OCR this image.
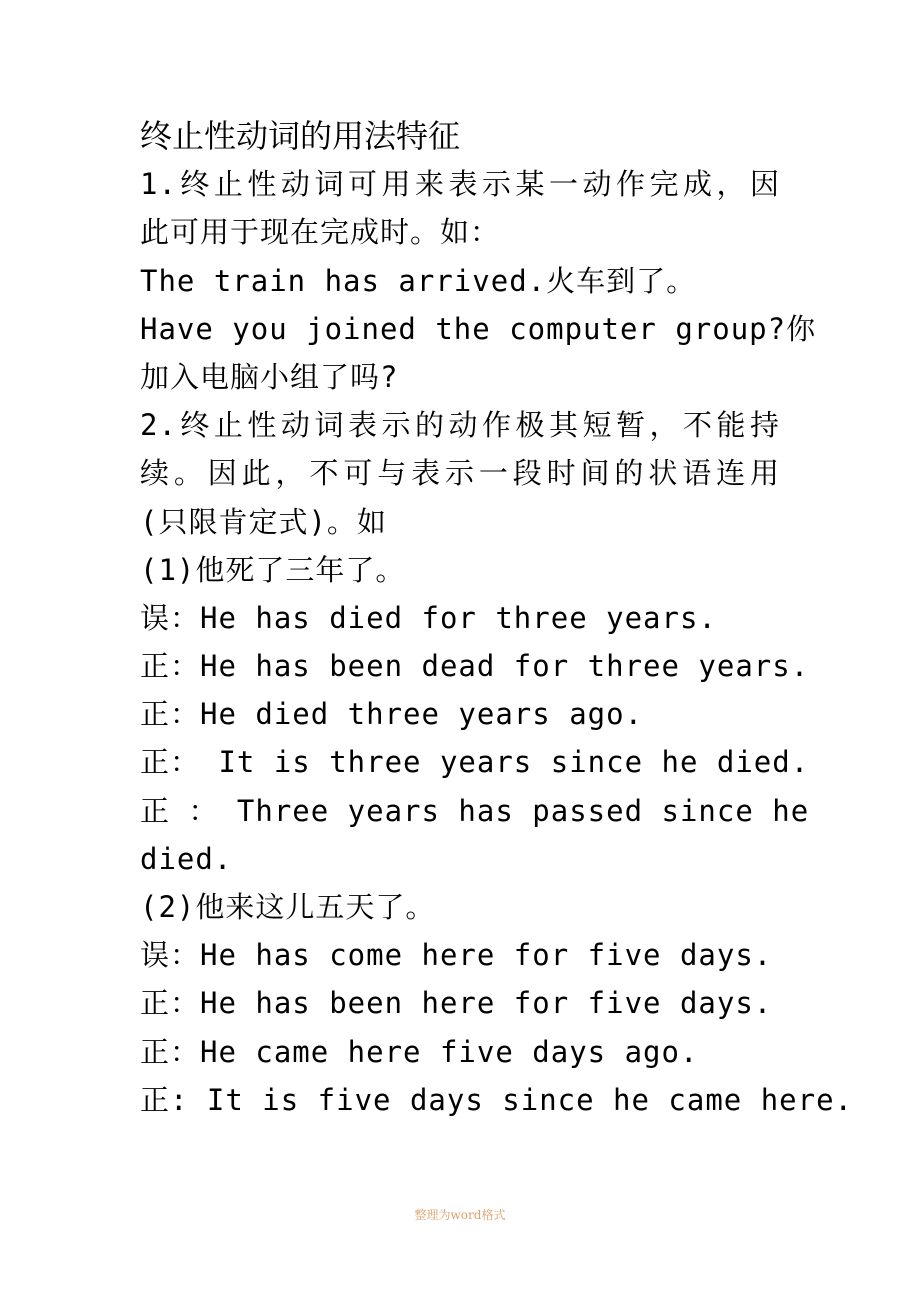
终止性动词的用法特征
1.终止性动词可用来表示某一动作完成，因
此可用于现在完成时。如：
The train has arrived.火车到了。
Have you joined the computer group?你
加入电脑小组了吗?
2.终止性动词表示的动作极其短暂，不能持
续。因此，不可与表示一段时间的状语连用
(只限肯定式)。如
(1)他死了三年了。
误：He has died for three years.
正：He has been dead for three years.
正：He died three years ago.
正： It is three years since he died.
正 ： Three years has passed since he
died.
(2)他来这儿五天了。
误：He has come here for five days.
正：He has been here for five days.
正：He came here five days ago.
正: It is five days since he came here.
整理为word格式
